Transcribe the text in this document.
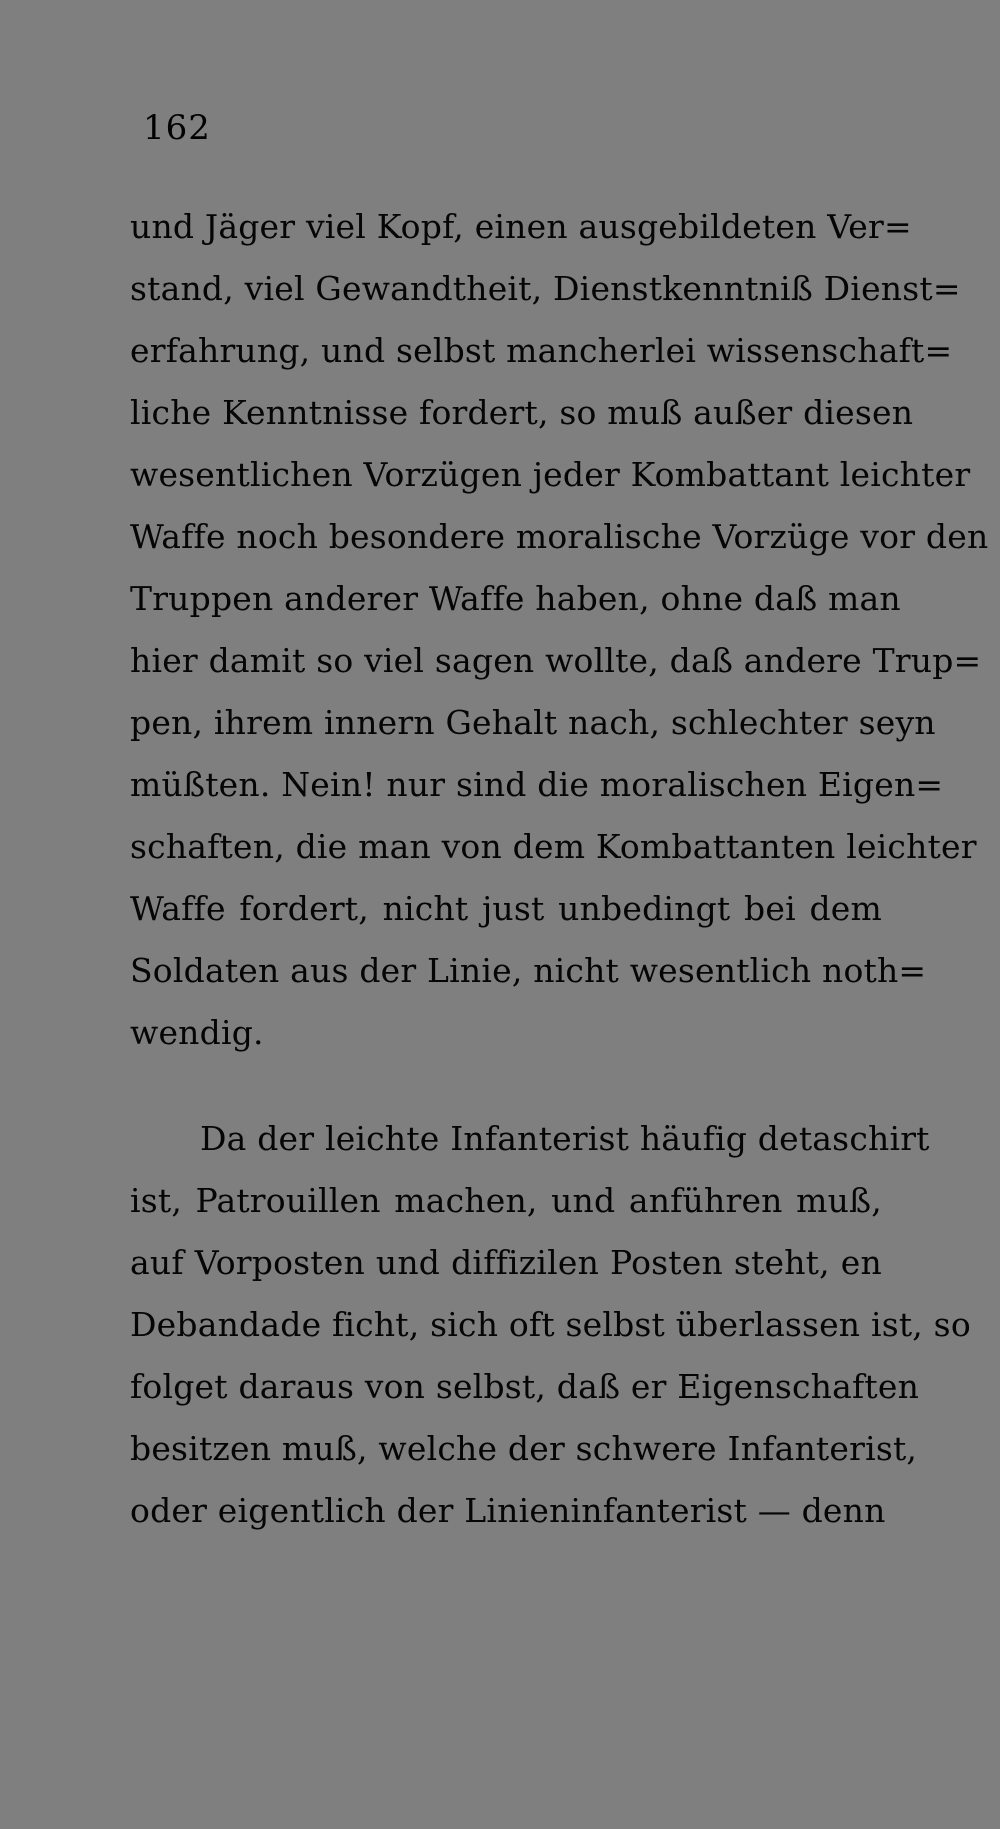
162
und Jäger viel Kopf, einen ausgebildeten Ver=
stand, viel Gewandtheit, Dienstkenntniß Dienst=
erfahrung, und selbst mancherlei wissenschaft=
liche Kenntnisse fordert, so muß außer diesen
wesentlichen Vorzügen jeder Kombattant leichter
Waffe noch besondere moralische Vorzüge vor den
Truppen anderer Waffe haben, ohne daß man
hier damit so viel sagen wollte, daß andere Trup=
pen, ihrem innern Gehalt nach, schlechter seyn
müßten. Nein! nur sind die moralischen Eigen=
schaften, die man von dem Kombattanten leichter
Waffe fordert, nicht just unbedingt bei dem
Soldaten aus der Linie, nicht wesentlich noth=
wendig.
Da der leichte Infanterist häufig detaschirt
ist, Patrouillen machen, und anführen muß,
auf Vorposten und diffizilen Posten steht, en
Debandade ficht, sich oft selbst überlassen ist, so
folget daraus von selbst, daß er Eigenschaften
besitzen muß, welche der schwere Infanterist,
oder eigentlich der Linieninfanterist — denn
